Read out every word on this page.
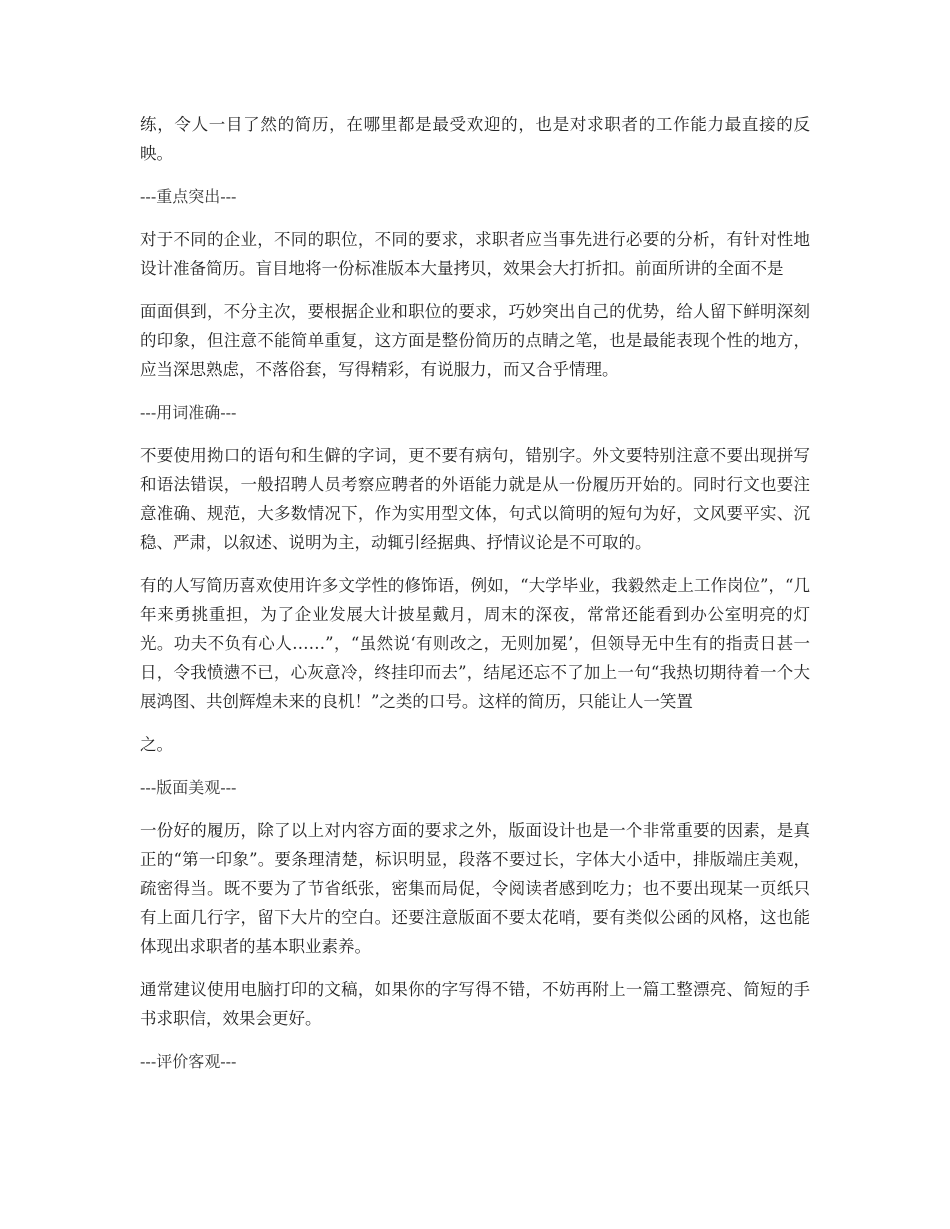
练，令人一目了然的简历，在哪里都是最受欢迎的，也是对求职者的工作能力最直接的反映。

---重点突出---

对于不同的企业，不同的职位，不同的要求，求职者应当事先进行必要的分析，有针对性地设计准备简历。盲目地将一份标准版本大量拷贝，效果会大打折扣。前面所讲的全面不是

面面俱到，不分主次，要根据企业和职位的要求，巧妙突出自己的优势，给人留下鲜明深刻的印象，但注意不能简单重复，这方面是整份简历的点睛之笔，也是最能表现个性的地方，应当深思熟虑，不落俗套，写得精彩，有说服力，而又合乎情理。

---用词准确---

不要使用拗口的语句和生僻的字词，更不要有病句，错别字。外文要特别注意不要出现拼写和语法错误，一般招聘人员考察应聘者的外语能力就是从一份履历开始的。同时行文也要注意准确、规范，大多数情况下，作为实用型文体，句式以简明的短句为好，文风要平实、沉稳、严肃，以叙述、说明为主，动辄引经据典、抒情议论是不可取的。

有的人写简历喜欢使用许多文学性的修饰语，例如，“大学毕业，我毅然走上工作岗位”，“几年来勇挑重担，为了企业发展大计披星戴月，周末的深夜，常常还能看到办公室明亮的灯光。功夫不负有心人……”，“虽然说‘有则改之，无则加冕’，但领导无中生有的指责日甚一日，令我愤懑不已，心灰意冷，终挂印而去”，结尾还忘不了加上一句“我热切期待着一个大展鸿图、共创辉煌未来的良机！”之类的口号。这样的简历，只能让人一笑置

之。

---版面美观---

一份好的履历，除了以上对内容方面的要求之外，版面设计也是一个非常重要的因素，是真正的“第一印象”。要条理清楚，标识明显，段落不要过长，字体大小适中，排版端庄美观，疏密得当。既不要为了节省纸张，密集而局促，令阅读者感到吃力；也不要出现某一页纸只有上面几行字，留下大片的空白。还要注意版面不要太花哨，要有类似公函的风格，这也能体现出求职者的基本职业素养。

通常建议使用电脑打印的文稿，如果你的字写得不错，不妨再附上一篇工整漂亮、简短的手书求职信，效果会更好。

---评价客观---
